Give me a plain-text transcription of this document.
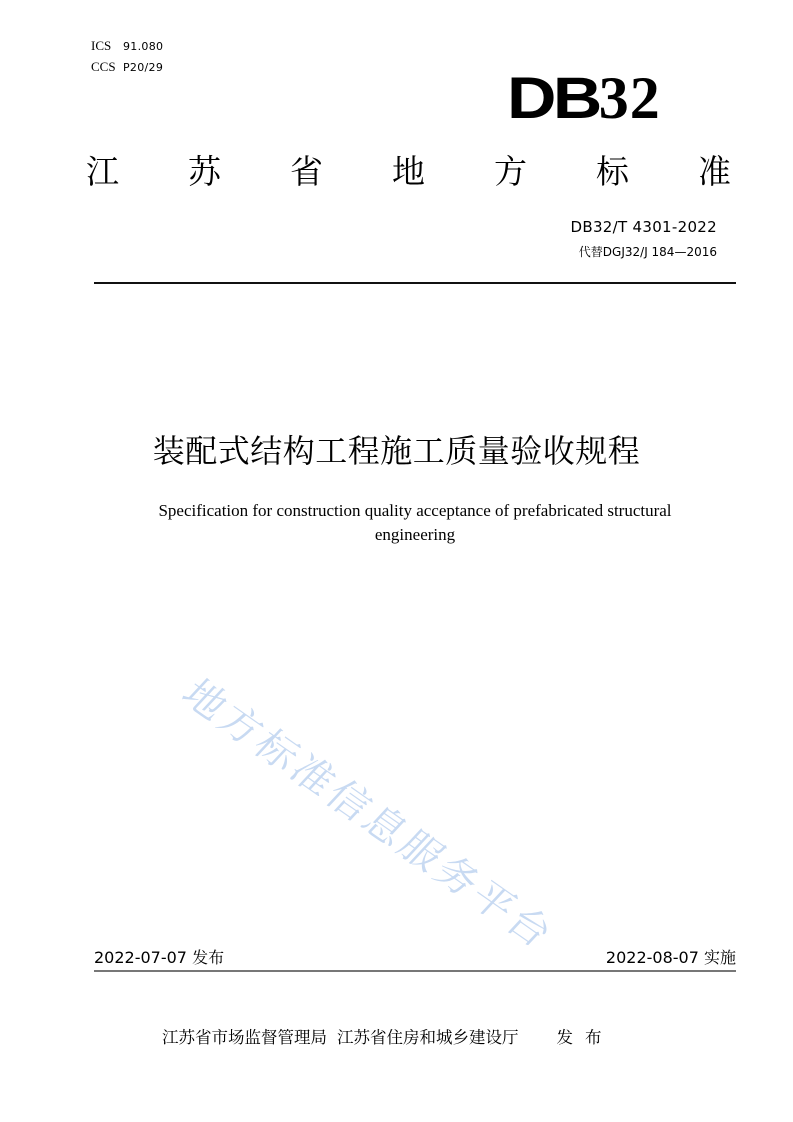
ICS 91.080
CCS P20/29	DB32
江 苏 省 地 方 标 准
DB32/T 4301-2022
代替DGJ32/J 184—2016
装配式结构工程施工质量验收规程
Specification for construction quality acceptance of prefabricated structural engineering
地方标准信息服务平台
2022-07-07 发布	2022-08-07 实施
江苏省市场监督管理局 江苏省住房和城乡建设厅 发布
